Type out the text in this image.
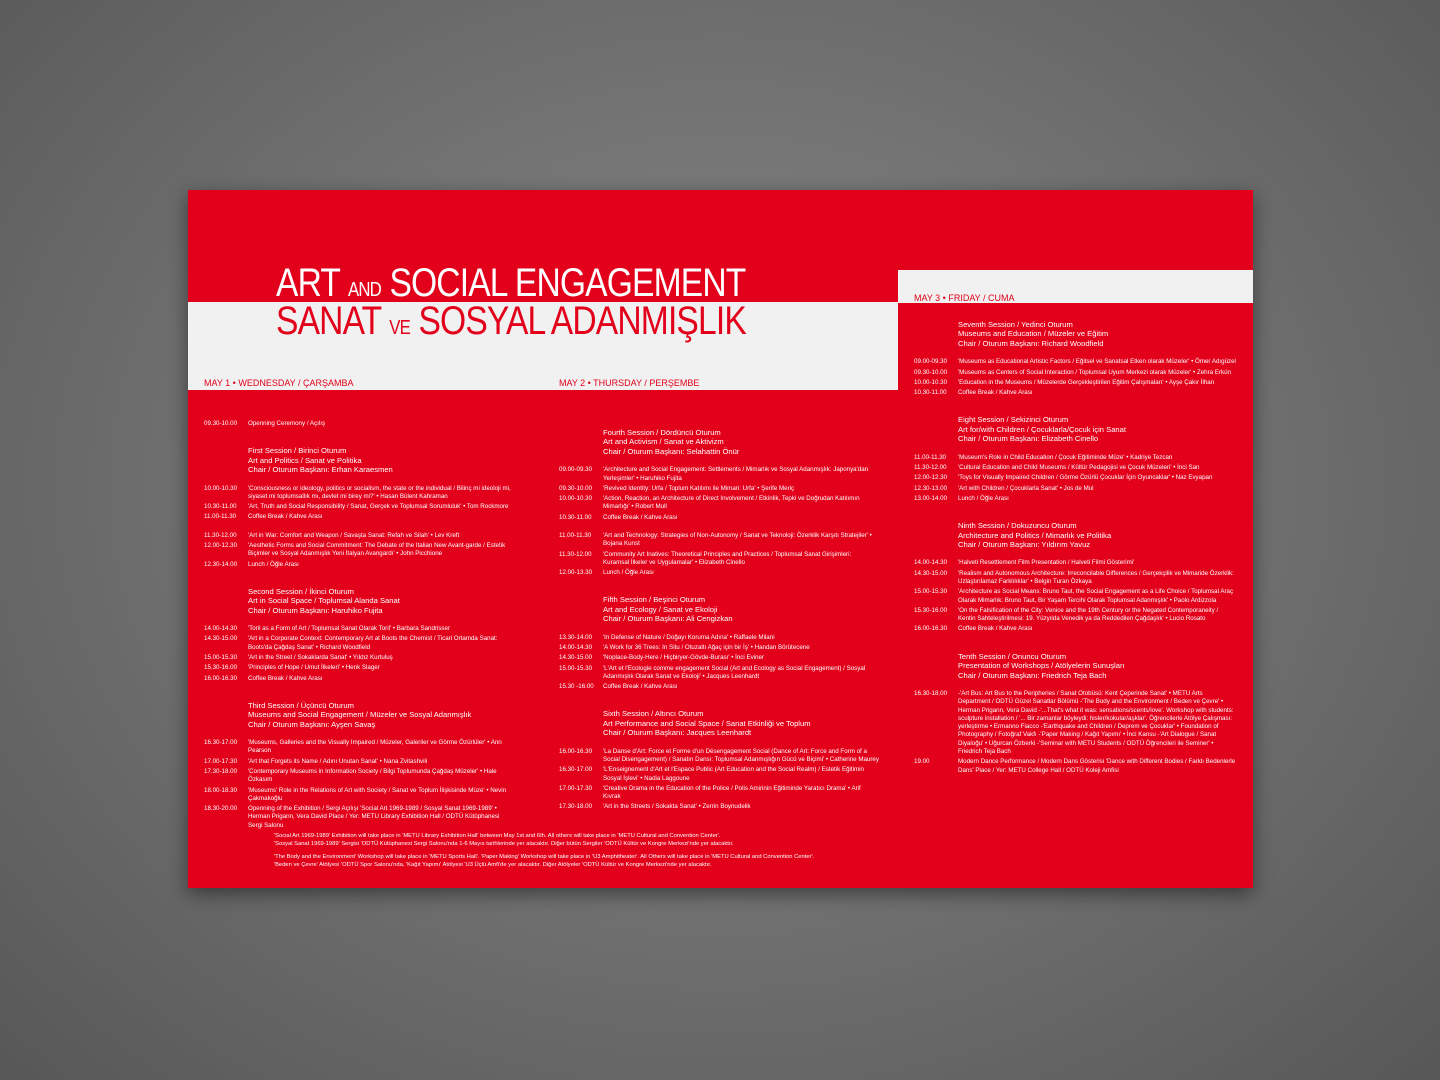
ART AND SOCIAL ENGAGEMENT
SANAT VE SOSYAL ADANMIŞLIK
MAY 1 • WEDNESDAY / ÇARŞAMBA	MAY 2 • THURSDAY / PERŞEMBE
MAY 3 • FRIDAY / CUMA
09.30-10.00	Openning Ceremony / Açılış
First Session / Birinci Oturum
Art and Politics / Sanat ve Politika
Chair / Oturum Başkanı: Erhan Karaesmen
10.00-10.30	'Consciousness or ideology, politics or socialism, the state or the individual / Bilinç mi ideoloji mi, siyaset mi toplumsallık mı, devlet mi birey mi?' • Hasan Bülent Kahraman
10.30-11.00	'Art, Truth and Social Responsibility / Sanat, Gerçek ve Toplumsal Sorumluluk' • Tom Rockmore
11.00-11.30	Coffee Break / Kahve Arası
11.30-12.00	'Art in War: Comfort and Weapon / Savaşta Sanat: Refah ve Silah' • Lev Kreft
12.00-12.30	'Aesthetic Forms and Social Commitment: The Debate of the Italian New Avant-garde / Estetik Biçimler ve Sosyal Adanmışlık Yeni İtalyan Avangardı' • John Picchione
12.30-14.00	Lunch / Öğle Arası
Second Session / İkinci Oturum
Art in Social Space / Toplumsal Alanda Sanat
Chair / Oturum Başkanı: Haruhiko Fujita
14.00-14.30	'Toril as a Form of Art / Toplumsal Sanat Olarak Toril' • Barbara Sandrisser
14.30-15.00	'Art in a Corporate Context: Contemporary Art at Boots the Chemist / Ticari Ortamda Sanat: Boots'da Çağdaş Sanat' • Richard Woodfield
15.00-15.30	'Art in the Street / Sokaklarda Sanat' • Yıldız Kurtuluş
15.30-16.00	'Principles of Hope / Umut İlkeleri' • Henk Slager
16.00-16.30	Coffee Break / Kahve Arası
Third Session / Üçüncü Oturum
Museums and Social Engagement / Müzeler ve Sosyal Adanmışlık
Chair / Oturum Başkanı: Ayşen Savaş
16.30-17.00	'Museums, Galleries and the Visually Impaired / Müzeler, Galeriler ve Görme Özürlüler' • Ann Pearson
17.00-17.30	'Art that Forgets its Name / Adını Unutan Sanat' • Nana Zvitashvili
17.30-18.00	'Contemporary Museums in Information Society / Bilgi Toplumunda Çağdaş Müzeler' • Hale Özkasım
18.00-18.30	'Museums' Role in the Relations of Art with Society / Sanat ve Toplum İlişkisinde Müze' • Nevin Çakmakoğlu
18.30-20.00	Openning of the Exhibition / Sergi Açılışı 'Social Art 1969-1989 / Sosyal Sanat 1969-1989' • Herman Prigann, Vera David Place / Yer: METU Library Exhibition Hall / ODTÜ Kütüphanesi Sergi Salonu
Fourth Session / Dördüncü Oturum
Art and Activism / Sanat ve Aktivizm
Chair / Oturum Başkanı: Selahattin Önür
09.00-09.30	'Architecture and Social Engagement: Settlements / Mimarlık ve Sosyal Adanmışlık: Japonya'dan Yerleşimler' • Haruhiko Fujita
09.30-10.00	'Revived Identity: Urfa / Toplum Katılımı ile Mimari: Urfa' • Şerife Meriç
10.00-10.30	'Action, Reaction, an Architecture of Direct Involvement / Etkinlik, Tepki ve Doğrudan Katılımın Mimarlığı' • Robert Mull
10.30-11.00	Coffee Break / Kahve Arası
11.00-11.30	'Art and Technology: Strategies of Non-Autonomy / Sanat ve Teknoloji: Özerklik Karşıtı Stratejiler' • Bojana Kunst
11.30-12.00	'Community Art Inatives: Theoretical Principles and Practices / Toplumsal Sanat Girişimleri: Kuramsal İlkeler ve Uygulamalar' • Elizabeth Cinello
12.00-13.30	Lunch / Öğle Arası
Fifth Session / Beşinci Oturum
Art and Ecology / Sanat ve Ekoloji
Chair / Oturum Başkanı: Ali Cengizkan
13.30-14.00	'In Defense of Nature / Doğayı Koruma Adına' • Raffaele Milani
14.00-14.30	'A Work for 36 Trees: In Situ / Otuzaltı Ağaç için bir İş' • Handan Börütecene
14.30-15.00	'Noplace-Body-Here / Hiçbiryer-Gövde-Burası' • İnci Eviner
15.00-15.30	'L'Art et l'Ecologie comme engagement Social (Art and Ecology as Social Engagement) / Sosyal Adanmışlık Olarak Sanat ve Ekoloji' • Jacques Leenhardt
15.30 -16.00	Coffee Break / Kahve Arası
Sixth Session / Altıncı Oturum
Art Performance and Social Space / Sanat Etkinliği ve Toplum
Chair / Oturum Başkanı: Jacques Leenhardt
16.00-16.30	'La Danse d'Art: Force et Forme d'un Désengagement Social (Dance of Art: Force and Form of a Social Disengagement) / Sanatın Dansı: Toplumsal Adanmışlığın Gücü ve Biçimi' • Catherine Maurey
16.30-17.00	'L'Enseignement d'Art et l'Espace Public (Art Education and the Social Realm) / Estetik Eğitimin Sosyal İşlevi' • Nadia Laggoune
17.00-17.30	'Creative Drama in the Education of the Police / Polis Amirinin Eğitiminde Yaratıcı Drama' • Arif Kıvrak
17.30-18.00	'Art in the Streets / Sokakta Sanat' • Zerrin Boynudelik
Seventh Session / Yedinci Oturum
Museums and Education / Müzeler ve Eğitim
Chair / Oturum Başkanı: Richard Woodfield
09.00-09.30	'Museums as Educational Artistic Factors / Eğitsel ve Sanatsal Etken olarak Müzeler' • Ömer Adıgüzel
09.30-10.00	'Museums as Centers of Social Interaction / Toplumsal Uyum Merkezi olarak Müzeler' • Zehra Erkün
10.00-10.30	'Education in the Museums / Müzelerde Gerçekleştirilen Eğitim Çalışmaları' • Ayşe Çakır İlhan
10.30-11.00	Coffee Break / Kahve Arası
Eight Session / Sekizinci Oturum
Art for/with Children / Çocuklarla/Çocuk için Sanat
Chair / Oturum Başkanı: Elizabeth Cinello
11.00-11.30	'Museum's Role in Child Education / Çocuk Eğitiminde Müze' • Kadriye Tezcan
11.30-12.00	'Cultural Education and Child Museums / Kültür Pedagojisi ve Çocuk Müzeleri' • İnci San
12.00-12.30	'Toys for Visually Impaired Children / Görme Özürlü Çocuklar İçin Oyuncaklar' • Naz Evyapan
12.30-13.00	'Art with Children / Çocuklarla Sanat' • Jos de Mul
13.00-14.00	Lunch / Öğle Arası
Ninth Session / Dokuzuncu Oturum
Architecture and Politics / Mimarlık ve Politika
Chair / Oturum Başkanı: Yıldırım Yavuz
14.00-14.30	'Halveti Resettlement Film Presentation / Halveti Filmi Gösterimi'
14.30-15.00	'Realism and Autonomous Architecture: Irreconcilable Differences / Gerçekçilik ve Mimaride Özerklik: Uzlaştırılamaz Farklılıklar' • Belgin Turan Özkaya
15.00-15.30	'Architecture as Social Means: Bruno Taut, the Social Engagement as a Life Choice / Toplumsal Araç Olarak Mimarlık: Bruno Taut, Bir Yaşam Tercihi Olarak Toplumsal Adanmışlık' • Paolo Ardizzola
15.30-16.00	'On the Falsification of the City: Venice and the 19th Century or the Negated Contemporaneity / Kentin Sahteleştirilmesi: 19. Yüzyılda Venedik ya da Reddedilen Çağdaşlık' • Lucio Rosato
16.00-16.30	Coffee Break / Kahve Arası
Tenth Session / Onuncu Oturum
Presentation of Workshops / Atölyelerin Sunuşları
Chair / Oturum Başkanı: Friedrich Teja Bach
16.30-18.00	-'Art Bus: Art Bus to the Peripheries / Sanat Otobüsü: Kent Çeperinde Sanat' • METU Arts Department / ODTÜ Güzel Sanatlar Bölümü -'The Body and the Environment / Beden ve Çevre' • Herman Prigann, Vera David -'...That's what it was: sensations/scents/love'. Workshop with students: sculpture installation / '... Bir zamanlar böyleydi: hisler/kokular/aşklar'. Öğrencilerle Atölye Çalışması: yerleştirme • Ermanno Fiacco -'Earthquake and Children / Deprem ve Çocuklar' • Foundation of Photography / Fotoğraf Vakfı -'Paper Making / Kağıt Yapımı' • İnci Kansu -'Art Dialogue / Sanat Diyaloğu' • Uğurcan Özberki -'Seminar with METU Students / ODTÜ Öğrencileri ile Seminer' • Friedrich Teja Bach
19.00	Modern Dance Performance / Modern Dans Gösterisi 'Dance with Different Bodies / Farklı Bedenlerle Dans' Place / Yer: METU College Hall / ODTÜ Koleji Amfisi
'Social Art 1969-1989' Exhibition will take place in 'METU Library Exhibition Hall' between May 1st and 6th. All others will take place in 'METU Cultural and Convention Center'.
'Sosyal Sanat 1969-1989' Sergisi 'ODTÜ Kütüphanesi Sergi Salonu'nda 1-6 Mayıs tarihlerinde yer alacaktır. Diğer bütün Sergiler 'ODTÜ Kültür ve Kongre Merkezi'nde yer alacaktır.
'The Body and the Environment' Workshop will take place in 'METU Sports Hall'. 'Paper Making' Workshop will take place in 'U3 Amphitheater'. All Others will take place in 'METU Cultural and Convention Center'.
'Beden ve Çevre' Atölyesi 'ODTÜ Spor Salonu'nda, 'Kağıt Yapımı' Atölyesi 'U3 Üçlü Amfi'de yer alacaktır. Diğer Atölyeler 'ODTÜ Kültür ve Kongre Merkezi'nde yer alacaktır.
